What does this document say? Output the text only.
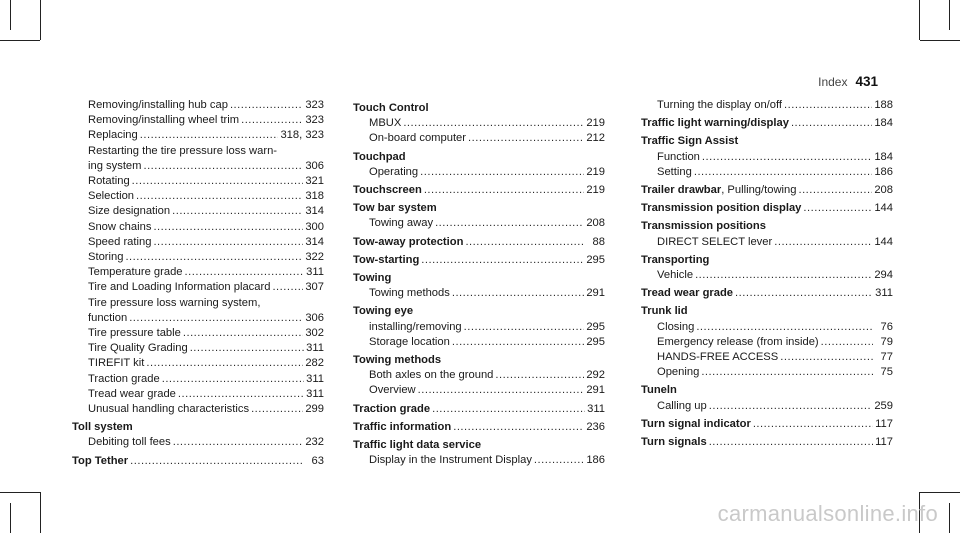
Index 431
Removing/installing hub cap .....	323
Removing/installing wheel trim .....	323
Replacing .....	318, 323
Restarting the tire pressure loss warn-
ing system .....	306
Rotating .....	321
Selection .....	318
Size designation .....	314
Snow chains .....	300
Speed rating .....	314
Storing .....	322
Temperature grade .....	311
Tire and Loading Information placard .....	307
Tire pressure loss warning system,
function .....	306
Tire pressure table .....	302
Tire Quality Grading .....	311
TIREFIT kit .....	282
Traction grade .....	311
Tread wear grade .....	311
Unusual handling characteristics .....	299
Toll system
Debiting toll fees .....	232
Top Tether .....	63
Touch Control
MBUX .....	219
On-board computer .....	212
Touchpad
Operating .....	219
Touchscreen .....	219
Tow bar system
Towing away .....	208
Tow-away protection .....	88
Tow-starting .....	295
Towing
Towing methods .....	291
Towing eye
installing/removing .....	295
Storage location .....	295
Towing methods
Both axles on the ground .....	292
Overview .....	291
Traction grade .....	311
Traffic information .....	236
Traffic light data service
Display in the Instrument Display .....	186
Turning the display on/off .....	188
Traffic light warning/display .....	184
Traffic Sign Assist
Function .....	184
Setting .....	186
Trailer drawbar , Pulling/towing .....	208
Transmission position display .....	144
Transmission positions
DIRECT SELECT lever .....	144
Transporting
Vehicle .....	294
Tread wear grade .....	311
Trunk lid
Closing .....	76
Emergency release (from inside) .....	79
HANDS-FREE ACCESS .....	77
Opening .....	75
Tuneln
Calling up .....	259
Turn signal indicator .....	117
Turn signals .....	117
carmanualsonline.info
